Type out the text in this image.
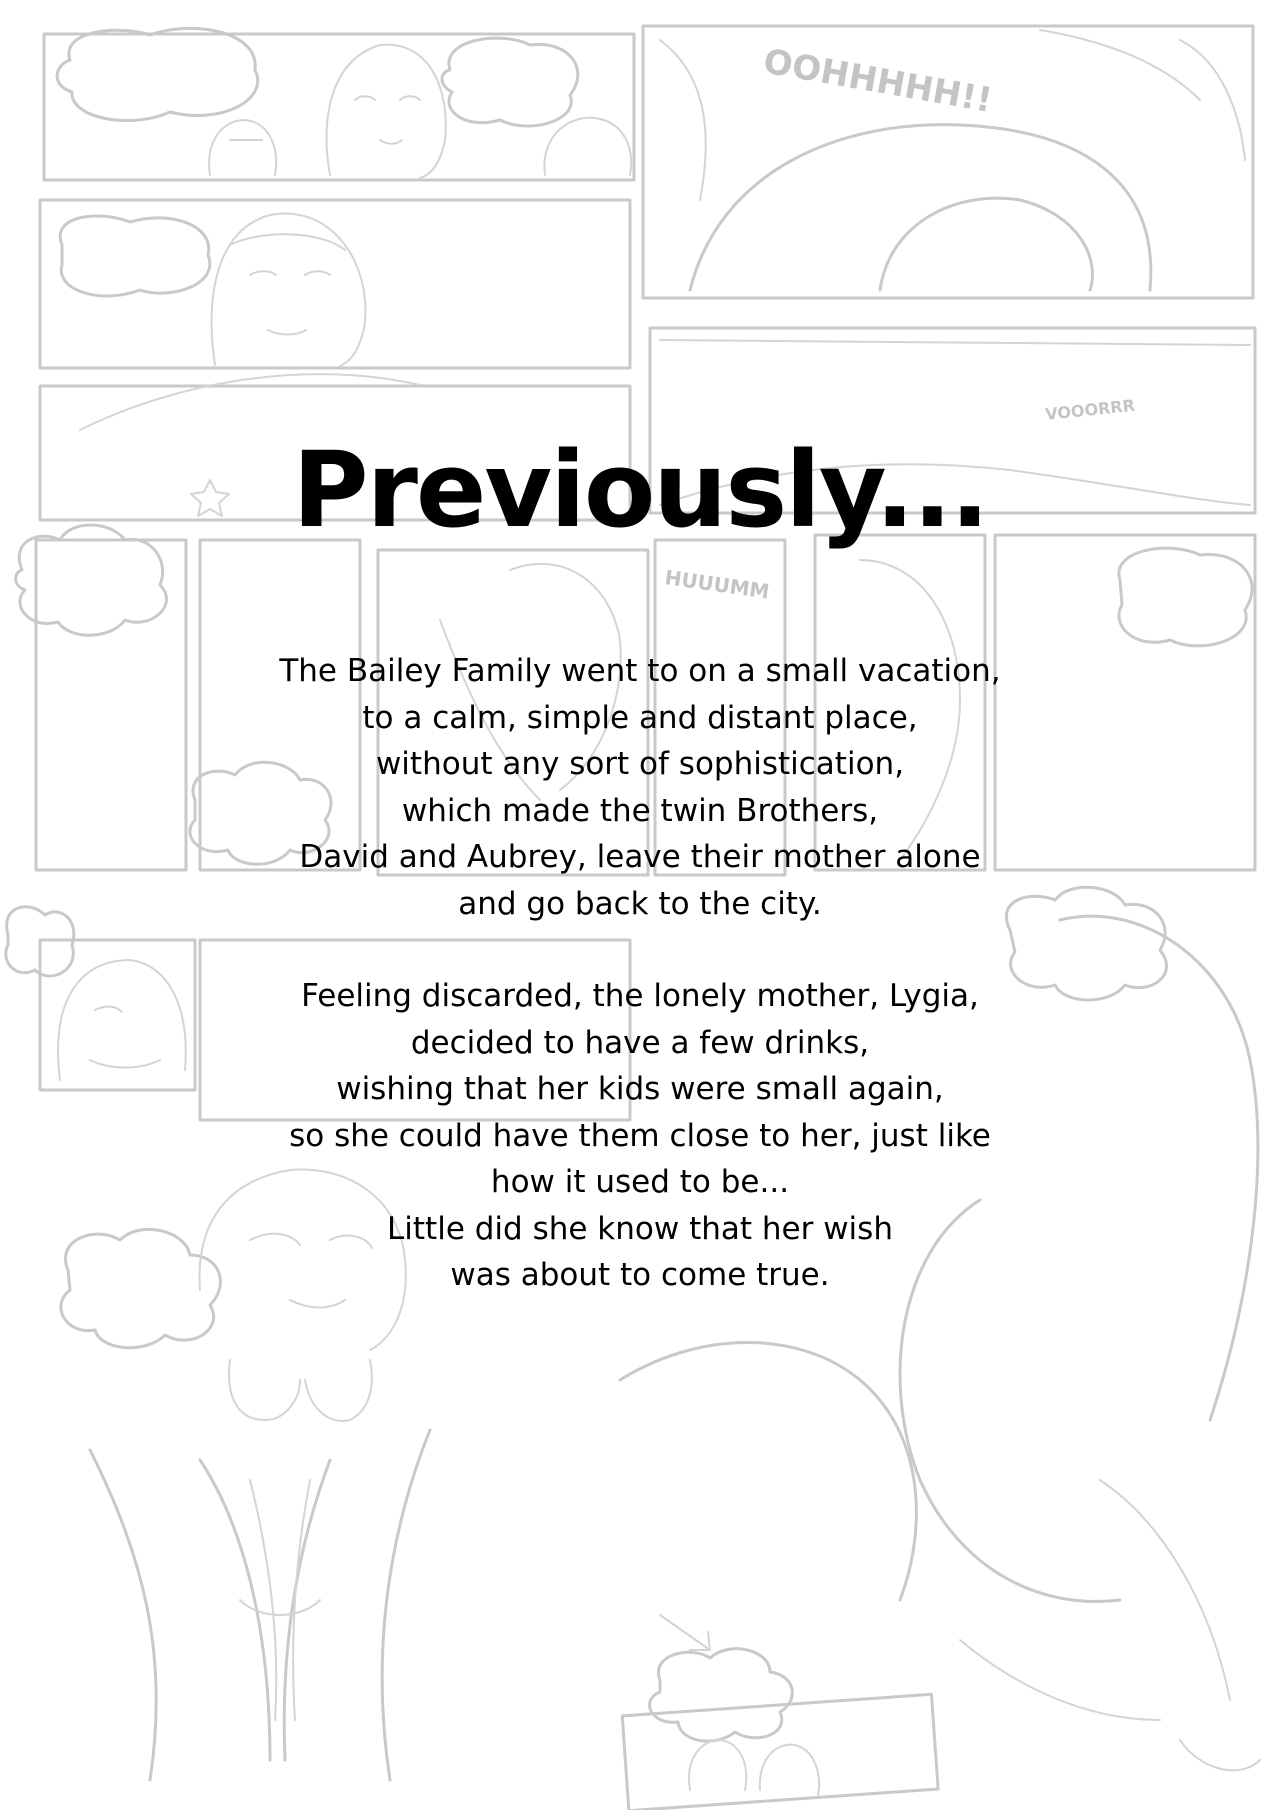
OOHHHHH!!
VOOORRR
HUUUMM
Previously...
The Bailey Family went to on a small vacation,
to a calm, simple and distant place,
without any sort of sophistication,
which made the twin Brothers,
David and Aubrey, leave their mother alone
and go back to the city.
Feeling discarded, the lonely mother, Lygia,
decided to have a few drinks,
wishing that her kids were small again,
so she could have them close to her, just like
how it used to be...
Little did she know that her wish
was about to come true.
